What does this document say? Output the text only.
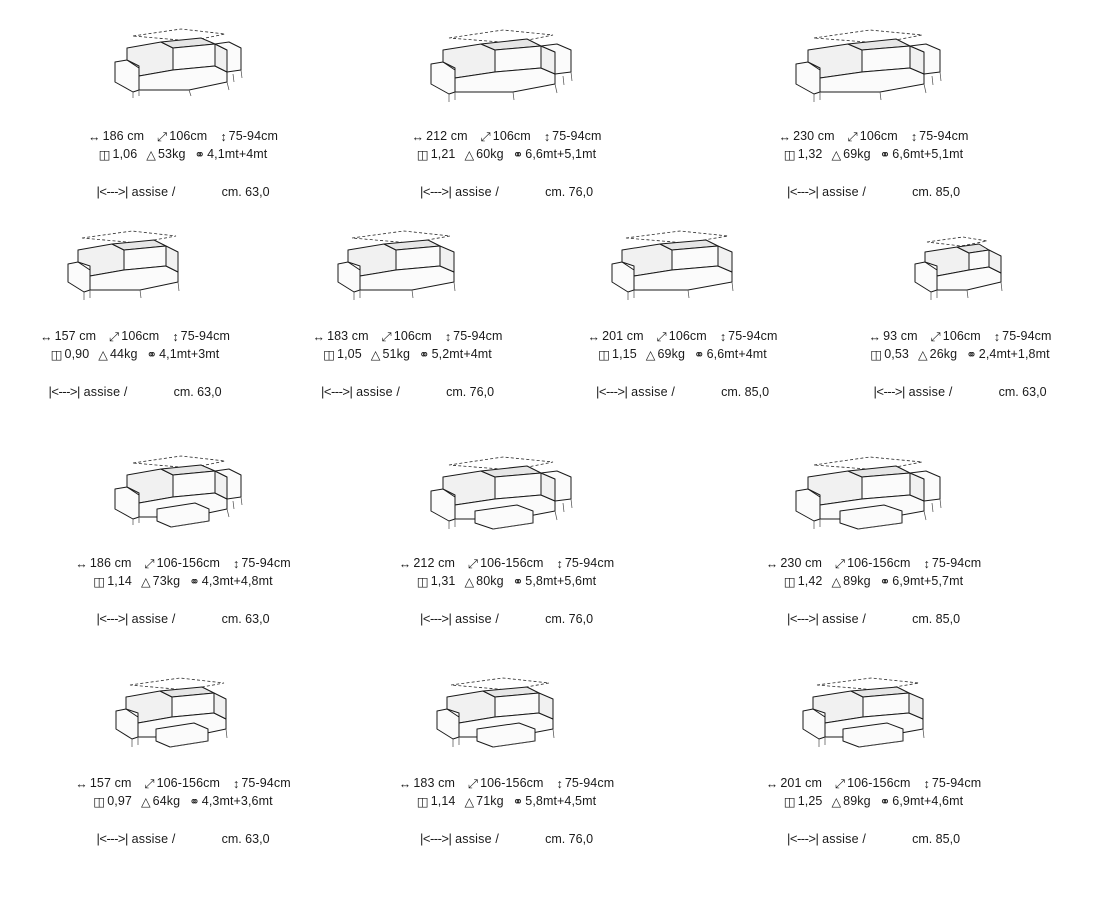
↔ 186 cm ⤢ 106cm ↕ 75-94cm
◫ 1,06 △ 53kg ⚭ 4,1mt+4mt
|<--->| assise /	cm. 63,0
↔ 212 cm ⤢ 106cm ↕ 75-94cm
◫ 1,21 △ 60kg ⚭ 6,6mt+5,1mt
|<--->| assise /	cm. 76,0
↔ 230 cm ⤢ 106cm ↕ 75-94cm
◫ 1,32 △ 69kg ⚭ 6,6mt+5,1mt
|<--->| assise /	cm. 85,0
↔ 157 cm ⤢ 106cm ↕ 75-94cm
◫ 0,90 △ 44kg ⚭ 4,1mt+3mt
|<--->| assise /	cm. 63,0
↔ 183 cm ⤢ 106cm ↕ 75-94cm
◫ 1,05 △ 51kg ⚭ 5,2mt+4mt
|<--->| assise /	cm. 76,0
↔ 201 cm ⤢ 106cm ↕ 75-94cm
◫ 1,15 △ 69kg ⚭ 6,6mt+4mt
|<--->| assise /	cm. 85,0
↔ 93 cm ⤢ 106cm ↕ 75-94cm
◫ 0,53 △ 26kg ⚭ 2,4mt+1,8mt
|<--->| assise /	cm. 63,0
↔ 186 cm ⤢ 106-156cm ↕ 75-94cm
◫ 1,14 △ 73kg ⚭ 4,3mt+4,8mt
|<--->| assise /	cm. 63,0
↔ 212 cm ⤢ 106-156cm ↕ 75-94cm
◫ 1,31 △ 80kg ⚭ 5,8mt+5,6mt
|<--->| assise /	cm. 76,0
↔ 230 cm ⤢ 106-156cm ↕ 75-94cm
◫ 1,42 △ 89kg ⚭ 6,9mt+5,7mt
|<--->| assise /	cm. 85,0
↔ 157 cm ⤢ 106-156cm ↕ 75-94cm
◫ 0,97 △ 64kg ⚭ 4,3mt+3,6mt
|<--->| assise /	cm. 63,0
↔ 183 cm ⤢ 106-156cm ↕ 75-94cm
◫ 1,14 △ 71kg ⚭ 5,8mt+4,5mt
|<--->| assise /	cm. 76,0
↔ 201 cm ⤢ 106-156cm ↕ 75-94cm
◫ 1,25 △ 89kg ⚭ 6,9mt+4,6mt
|<--->| assise /	cm. 85,0
